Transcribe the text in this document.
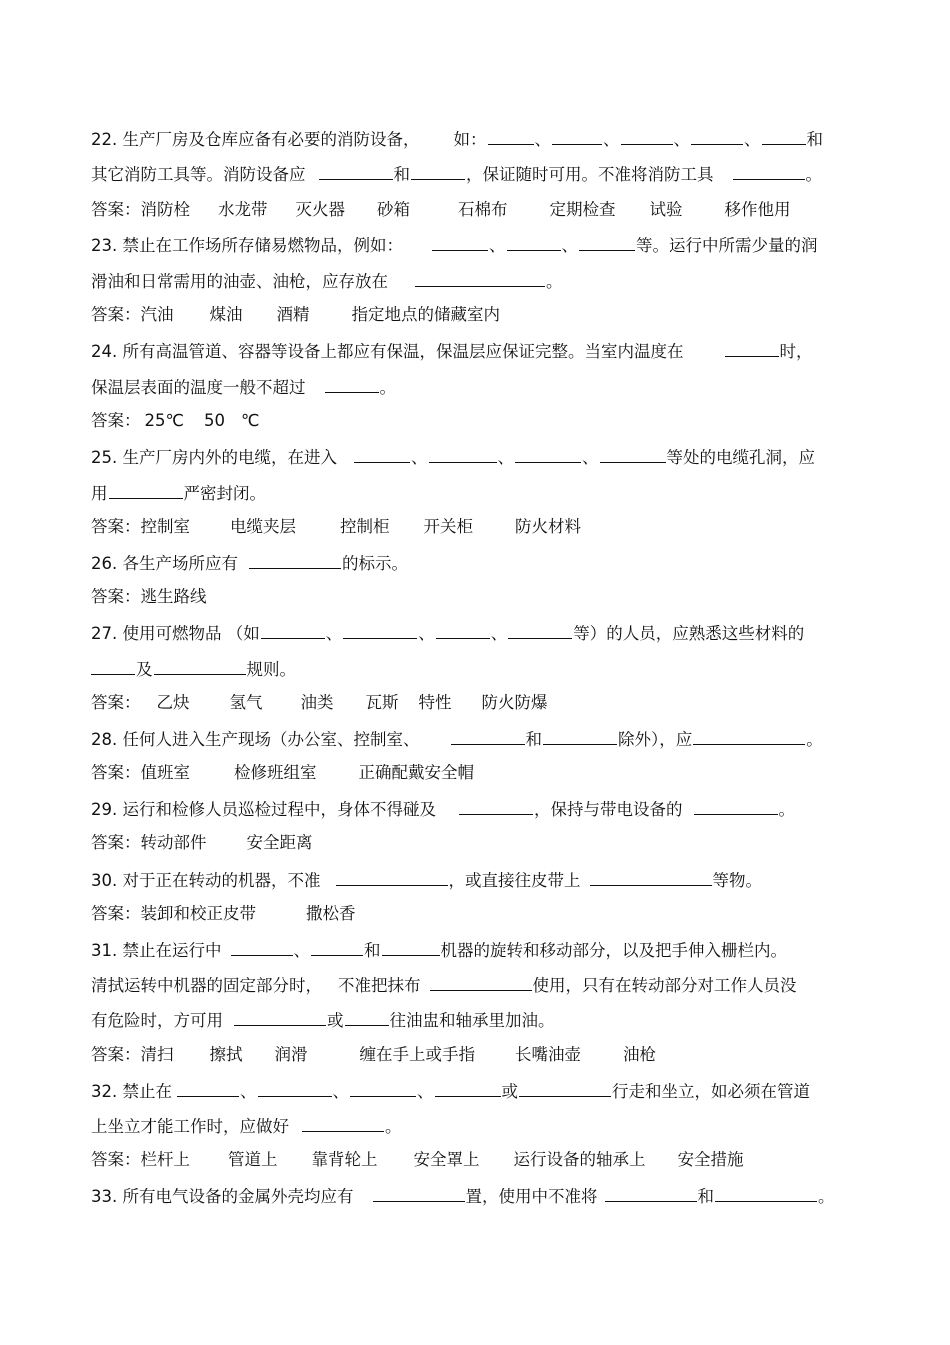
22. 生产厂房及仓库应备有必要的消防设备， 如：	、	、	、	、	和
其它消防工具等。消防设备应	和	，保证随时可用。不准将消防工具	。
答案：消防栓 水龙带 灭火器 砂箱	石棉布	定期检查 试验	移作他用
23. 禁止在工作场所存储易燃物品，例如：	、	、	等。运行中所需少量的润
滑油和日常需用的油壶、油枪，应存放在	。
答案：汽油 煤油 酒精	指定地点的储藏室内
24. 所有高温管道、容器等设备上都应有保温，保温层应保证完整。当室内温度在	时，
保温层表面的温度一般不超过	。
答案： 25℃ 50 ℃
25. 生产厂房内外的电缆，在进入	、	、	、	等处的电缆孔洞，应
用	严密封闭。
答案：控制室 电缆夹层	控制柜 开关柜	防火材料
26. 各生产场所应有	的标示。
答案：逃生路线
27. 使用可燃物品 （如	、	、	、	等）的人员，应熟悉这些材料的
及	规则。
答案： 乙炔 氢气 油类 瓦斯 特性 防火防爆
28. 任何人进入生产现场（办公室、控制室、	和	除外），应	。
答案：值班室	检修班组室	正确配戴安全帽
29. 运行和检修人员巡检过程中，身体不得碰及	，保持与带电设备的	。
答案：转动部件 安全距离
30. 对于正在转动的机器，不准	，或直接往皮带上	等物。
答案：装卸和校正皮带	撒松香
31. 禁止在运行中	、	和	机器的旋转和移动部分，以及把手伸入栅栏内。
清拭运转中机器的固定部分时， 不准把抹布	使用，只有在转动部分对工作人员没
有危险时，方可用	或	往油盅和轴承里加油。
答案：清扫 擦拭 润滑	缠在手上或手指 长嘴油壶	油枪
32. 禁止在	、	、	、	或	行走和坐立，如必须在管道
上坐立才能工作时，应做好	。
答案：栏杆上 管道上 靠背轮上 安全罩上 运行设备的轴承上 安全措施
33. 所有电气设备的金属外壳均应有	置，使用中不准将	和	。
